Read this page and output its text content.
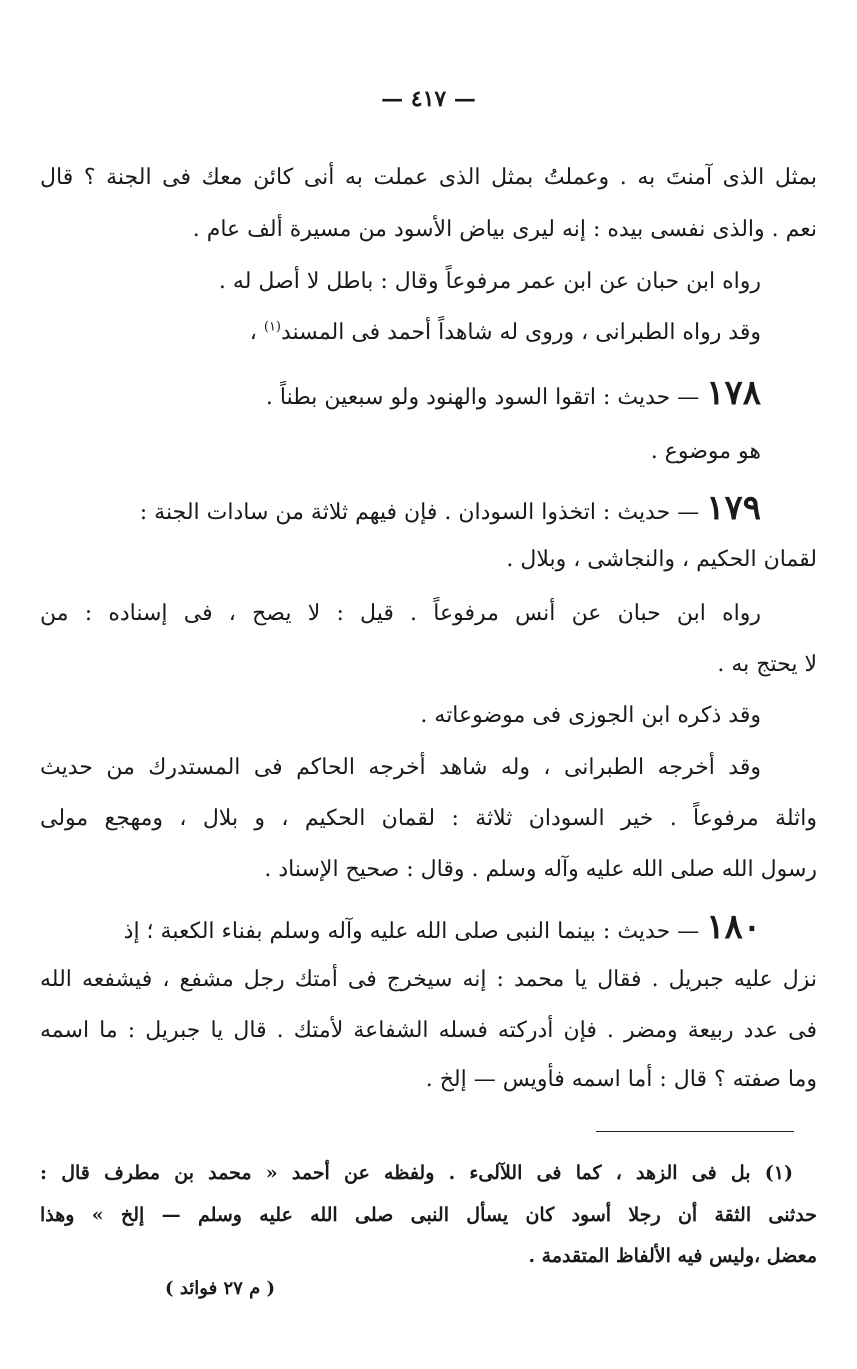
— ٤١٧ —
بمثل الذى آمنتَ به . وعملتُ بمثل الذى عملت به أنى كائن معك فى الجنة ؟ قال
نعم . والذى نفسى بيده : إنه ليرى بياض الأسود من مسيرة ألف عام .
رواه ابن حبان عن ابن عمر مرفوعاً وقال : باطل لا أصل له .
وقد رواه الطبرانى ، وروى له شاهداً أحمد فى المسند$^{(١)}$ ،
١٧٨ — حديث : اتقوا السود والهنود ولو سبعين بطناً .
هو موضوع .
١٧٩ — حديث : اتخذوا السودان . فإن فيهم ثلاثة من سادات الجنة :
لقمان الحكيم ، والنجاشى ، وبلال .
رواه ابن حبان عن أنس مرفوعاً . قيل : لا يصح ، فى إسناده : من
لا يحتج به .
وقد ذكره ابن الجوزى فى موضوعاته .
وقد أخرجه الطبرانى ، وله شاهد أخرجه الحاكم فى المستدرك من حديث
واثلة مرفوعاً . خير السودان ثلاثة : لقمان الحكيم ، و بلال ، ومهجع مولى
رسول الله صلى الله عليه وآله وسلم . وقال : صحيح الإسناد .
١٨٠ — حديث : بينما النبى صلى الله عليه وآله وسلم بفناء الكعبة ؛ إذ
نزل عليه جبريل . فقال يا محمد : إنه سيخرج فى أمتك رجل مشفع ، فيشفعه الله
فى عدد ربيعة ومضر . فإن أدركته فسله الشفاعة لأمتك . قال يا جبريل : ما اسمه
وما صفته ؟ قال : أما اسمه فأويس — إلخ .
(١) بل فى الزهد ، كما فى اللآلىء . ولفظه عن أحمد « محمد بن مطرف قال :
حدثنى الثقة أن رجلا أسود كان يسأل النبى صلى الله عليه وسلم — إلخ » وهذا
معضل ،وليس فيه الألفاظ المتقدمة .
( م ٢٧ فوائد )
